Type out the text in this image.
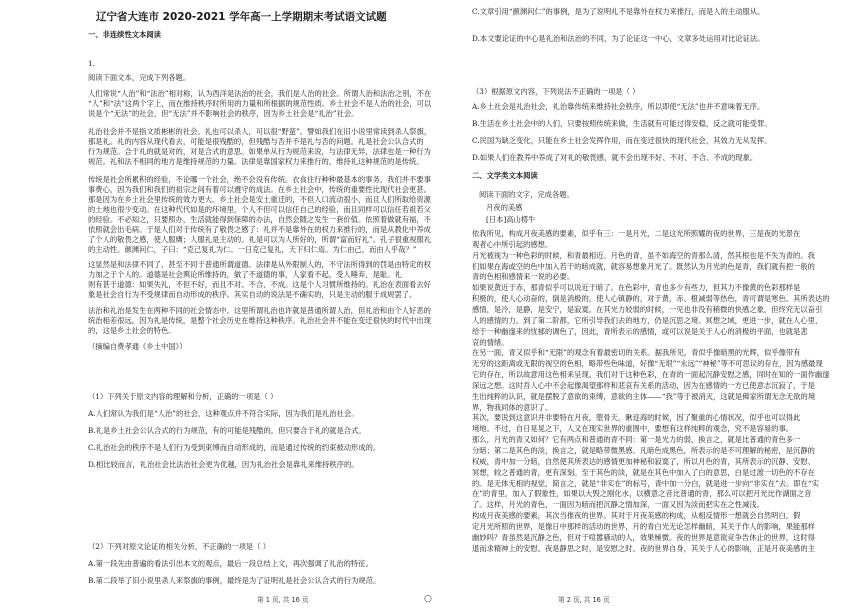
辽宁省大连市 2020-2021 学年高一上学期期末考试语文试题
一、非连续性文本阅读
1.
阅读下面文本，完成下列各题。
人们常说“人治”和“法治”相对称，认为西洋是法治的社会，我们是人治的社会。所谓人治和法治之别，不在
“人”和“法”这两个字上，而在维持秩序时所用的力量和所根据的规范性质。乡土社会不是人治的社会，可以
说是个“无法”的社会，但“无法”并不影响社会的秩序，因为乡土社会是“礼治”社会。
礼治社会并不是指文质彬彬的社会。礼也可以杀人，可以很“野蛮”。譬如我们在旧小说里常读到杀人祭旗，
那是礼。礼的内容从现代看去，可能是很残酷的，但残酷与否并不是礼与否的问题。礼是社会公认合式的
行为规范。合于礼的就是对的，对是合式的意思。如果单从行为规范来说，与法律无异，法律也是一种行为
规范。礼和法不相同的地方是维持规范的力量。法律是靠国家权力来推行的，维持礼这种规范的是传统。
传统是社会所累积的经验，不论哪一个社会，绝不会没有传统。衣食住行种种最基本的事务，我们并不要事
事费心，因为我们和我们的祖宗之间有着可以遵守的成法。在乡土社会中，传统的重要性比现代社会更甚。
那是因为在乡土社会里传统的效力更大。乡土社会是安土重迁的，不但人口流动很小，而且人们所取给资源
的土地也很少变动。在这种代代如是的环境里，个人不但可以信任自己的经验，而且同样可以信任若祖若父
的经验。不必知之，只要照办，生活就能得到保障的办法，自然会随之发生一套价值。依照着做就有福，不
依照就会出毛病。于是人们对于传统有了敬畏之感了：礼并不是靠外在的权力来推行的，而是从教化中养成
了个人的敬畏之感，使人服膺；人服礼是主动的。礼是可以为人所好的，所谓“富而好礼”。孔子很重视服礼
的主动性。颜渊问仁，子曰：“克己复礼为仁。一日克己复礼，天下归仁焉。为仁由己，而由人乎哉？”
这显然是和法律不同了，甚至不同于普通所谓道德。法律是从外限制人的，不守法所得到的罚是由特定的权
力加之于个人的。道德是社会舆论所维持的，做了不道德的事，人家看不起，受人唾弃，是耻。礼
则有甚于道德：如果失礼，不但不好，而且不对、不合、不成。这是个人习惯所维持的。礼治在表面看去好
象是社会自行为不受规律而自动形成的秩序。其实自动的说法是不确实的，只是主动的服于成规罢了。
法治和礼治是发生在两种不同的社会情态中。这里所谓礼治也许就是普通所谓人治，但礼治和由个人好恶的
统治相差很远，因为礼是传统，是整个社会历史在维持这种秩序。礼治社会并不能在变迁很快的时代中出现
的，这是乡土社会的特色。
（摘编自费孝通《乡土中国》）
（1）下列关于原文内容的理解和分析，正确的一项是（ ）
A.人们常认为我们是“人治”的社会，这种观点并不符合实际，因为我们是礼治社会。
B.礼是乡土社会公认合式的行为规范，有的可能是残酷的，但只要合于礼的就是合式。
C.礼治社会的秩序不是人们行为受到束缚而自动形成的，而是通过传统的约束被动形成的。
D.相比较而言，礼治社会比法治社会更为优越，因为礼治社会是靠礼来维持秩序的。
（2）下列对原文论证的相关分析，不正确的一项是（ ）
A.第一段先由普遍的看法引出本文的观点，最后一段总结上文，再次强调了礼治的特征。
B.第二段举了旧小说里杀人来祭旗的事例，最终是为了证明礼是社会公认合式的行为规范。
C.文章引用“颜渊问仁”的事例，是为了说明礼不是靠外在权力来推行，而是人的主动服从。
D.本文要论证的中心是礼治和法治的不同，为了论证这一中心，文章多处运用对比论证法。
（3）根据原文内容，下列说法不正确的一项是（ ）
A.乡土社会是礼治社会，礼治靠传统来维持社会秩序，所以即使“无法”也并不意味着无序。
B.生活在乡土社会中的人们，只要按照传统来做，生活就有可能过得安稳，反之就可能受罪。
C.民国为缺乏变化，只能在乡土社会发挥作用，而在变迁很快的现代社会，其效力无从发挥。
D.如果人们在教养中养成了对礼的敬畏感，就不会出现不好、不对、不合、不成的现象。
二、文学类文本阅读
阅读下面的文字，完成各题。
月夜的美感
[日本]高山樗牛
依我所见，构成月夜美感的要素，似乎有三：一是月光，二是这光所照耀的夜的世界，三是夜的光景在
观者心中所引起的感想。
月光被视为一种色彩的时候，和青最相近。月色的青，虽不如海空的青那么清，然其根也是不失为青的。我
们如果在海或空的色中加入若干的暗成就，就容易想象月光了。既然认为月光的色是青，我们就有把一般的
青的色相和感情来一说的必要。
如果说黄近于赤，那青似乎可以说近于暗了。在色彩中，青也多少有些力，但其力不像黄的色彩那样是
积极的，使人心动奋的，倒是消极的，使人心镇静的，对于黄，赤、橙减弱等热色，青可谓是寒色。其所表达的
感情，是冷，是静，是安宁，是寂寞。在其光力较弱的时候，一见也非没有稍微的快感之象，但终究无以奋引
人的感情的力。到了第二阶都，它所引导我们去的地方，仍是沉思之境、冥想之域，更进一步，就在人心里，
给于一种幽邃来的忧郁的调色了，因此，青所表示的感情，或可以说是关于人心的消极的平面，也就是悲
哀的情绪。
在另一面，青又似乎和“无限”的观念有着最密切的关系。据我所见，青似乎像暗黑的光辉，似乎像带有
无穷的这距离或无限的视空的色相，略带些色味道，好像“无垠”“永远”“神秘”等不可思议的存在，因为感最现
它的存在，所以故意用这色相来呈现。我们对于这种色彩，在青的一面起沉静安慰之感，同时在知的一面作幽邃
深远之想。这时吾人心中不会起像渴望那样和悲哀有关系的活动，因为在感情的一方已使意志沉寂了，于是
生出纯粹的认识，就是摆脱了意欲的束缚，意欲的主体——“我”等于被消灭，这就是佛家所谓无念无欲的境
界，物我同体的意识了。
其次，要说到这意识并非要特在月夜，堕骨天，瞅迩海的时候，因了聚重的心情状况，似乎也可以得此
境地。不过，自日晃晃之下，人又在现实世界的重围中，要想有这样纯粹的观念，究不是容易的事。
那么，月光的青又如何？它有两点和普通的青不同：第一是光力的弱，换言之，就是比普通的青色多一
分暗；第二是其色的淡，换言之，就是略带微黑感。凡暗色成黑色，所表示的是不可理解的秘密，是沉静的
权威，青中加一分暗，自然使其所表达的感情更加神秘和寂寞了，所以月色的青，其所表示的沉静、安慰、
冥想，较之普通的青，更有深刻。至于其色的淡，就是在其色中加入了白的意思，白是过渡一切色的不存在
的。是无体无相的视觉，简言之，就是“非实在”的标号，青中加一分白，就是进一步向“非实在”去。即在“实
在”的青里，加入了假象性，如果以大毁之刚化水，以横意之音比普通的青，那么可以把月光比作湖面之音
了。这样，月光的青色，一面因为暗而把沉静之情加深，一面又因为淡而把实在之性减浅。
构成月夜美感的要素，其次当推夜的世界。其对于月夜美感的构成，从相反情形一想就会自然明白，假
定月光所照的世界，是像日中那样的活动的世界，月的青白光无论怎样幽暗，其关于作人的影响，果能那样
幽妙吗？青虽然是沉静之色，但对于喧嚣骚动的人，效果極微。夜的世界是意欲竞争告休止的世界，这时得
退而求精神上的安慰。夜是静思之时，是安慰之时。夜的世界自身，其关于人心的影响，正是月夜美感的主
第 1 页, 共 16 页	○	第 2 页, 共 16 页
